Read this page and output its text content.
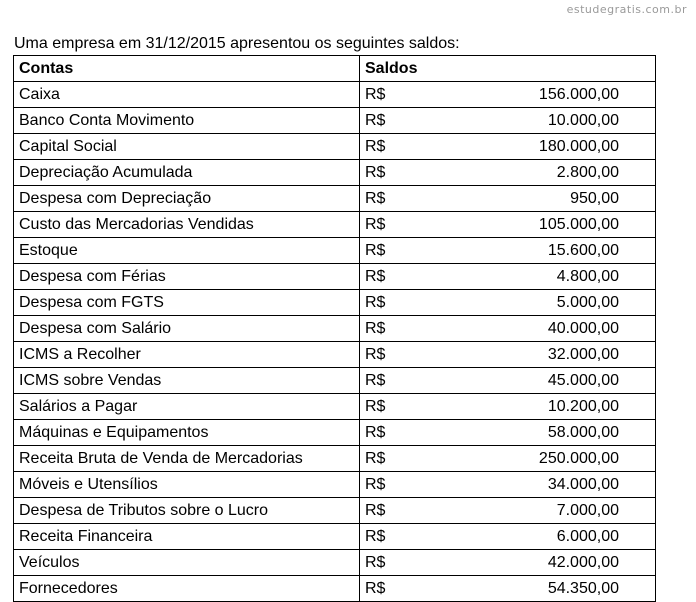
estudegratis.com.br
Uma empresa em 31/12/2015 apresentou os seguintes saldos:
Contas	Saldos
Caixa	R$ 156.000,00

Banco Conta Movimento	R$ 10.000,00

Capital Social	R$ 180.000,00

Depreciação Acumulada	R$ 2.800,00

Despesa com Depreciação	R$ 950,00

Custo das Mercadorias Vendidas	R$ 105.000,00

Estoque	R$ 15.600,00

Despesa com Férias	R$ 4.800,00

Despesa com FGTS	R$ 5.000,00

Despesa com Salário	R$ 40.000,00

ICMS a Recolher	R$ 32.000,00

ICMS sobre Vendas	R$ 45.000,00

Salários a Pagar	R$ 10.200,00

Máquinas e Equipamentos	R$ 58.000,00

Receita Bruta de Venda de Mercadorias	R$ 250.000,00

Móveis e Utensílios	R$ 34.000,00

Despesa de Tributos sobre o Lucro	R$ 7.000,00

Receita Financeira	R$ 6.000,00

Veículos	R$ 42.000,00

Fornecedores	R$ 54.350,00
